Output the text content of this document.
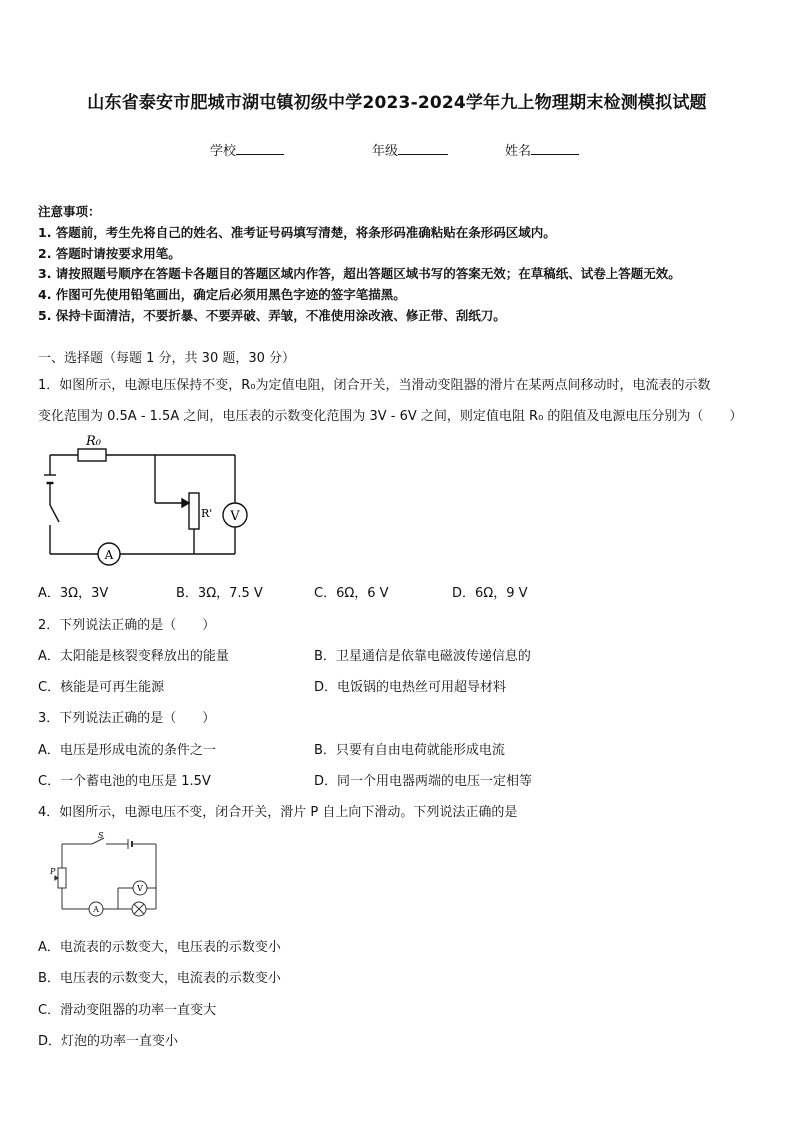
山东省泰安市肥城市湖屯镇初级中学2023-2024学年九上物理期末检测模拟试题
学校	年级	姓名
注意事项：
1. 答题前，考生先将自己的姓名、准考证号码填写清楚，将条形码准确粘贴在条形码区域内。
2. 答题时请按要求用笔。
3. 请按照题号顺序在答题卡各题目的答题区域内作答，超出答题区域书写的答案无效；在草稿纸、试卷上答题无效。
4. 作图可先使用铅笔画出，确定后必须用黑色字迹的签字笔描黑。
5. 保持卡面清洁，不要折暴、不要弄破、弄皱，不准使用涂改液、修正带、刮纸刀。
一、选择题（每题 1 分，共 30 题，30 分）
1．如图所示，电源电压保持不变，R₀为定值电阻，闭合开关，当滑动变阻器的滑片在某两点间移动时，电流表的示数
变化范围为 0.5A - 1.5A 之间，电压表的示数变化范围为 3V - 6V 之间，则定值电阻 R₀ 的阻值及电源电压分别为（　　）
R₀
R' V
A
A．3Ω，3V	B．3Ω，7.5 V	C．6Ω，6 V	D．6Ω，9 V
2．下列说法正确的是（　　）
A．太阳能是核裂变释放出的能量	B．卫星通信是依靠电磁波传递信息的
C．核能是可再生能源	D．电饭锅的电热丝可用超导材料
3．下列说法正确的是（　　）
A．电压是形成电流的条件之一	B．只要有自由电荷就能形成电流
C．一个蓄电池的电压是 1.5V	D．同一个用电器两端的电压一定相等
4．如图所示，电源电压不变，闭合开关，滑片 P 自上向下滑动。下列说法正确的是
S
P
V
A
A．电流表的示数变大，电压表的示数变小
B．电压表的示数变大，电流表的示数变小
C．滑动变阻器的功率一直变大
D．灯泡的功率一直变小
